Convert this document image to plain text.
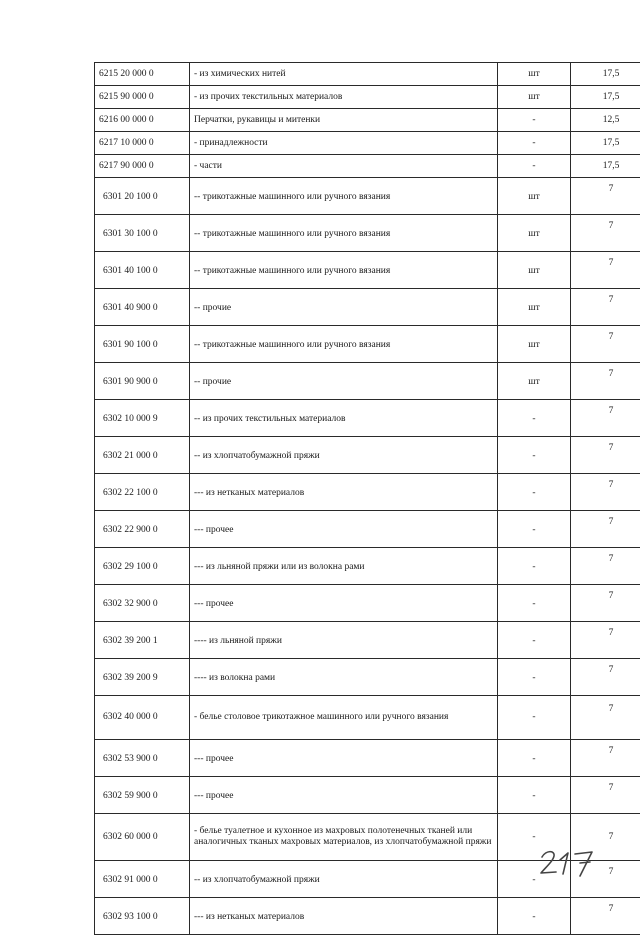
6215 20 000 0	- из химических нитей	шт	17,5
6215 90 000 0	- из прочих текстильных материалов	шт	17,5
6216 00 000 0	Перчатки, рукавицы и митенки	-	12,5
6217 10 000 0	- принадлежности	-	17,5
6217 90 000 0	- части	-	17,5
6301 20 100 0	-- трикотажные машинного или ручного вязания	шт	7
6301 30 100 0	-- трикотажные машинного или ручного вязания	шт	7
6301 40 100 0	-- трикотажные машинного или ручного вязания	шт	7
6301 40 900 0	-- прочие	шт	7
6301 90 100 0	-- трикотажные машинного или ручного вязания	шт	7
6301 90 900 0	-- прочие	шт	7
6302 10 000 9	-- из прочих текстильных материалов	-	7
6302 21 000 0	-- из хлопчатобумажной пряжи	-	7
6302 22 100 0	--- из нетканых материалов	-	7
6302 22 900 0	--- прочее	-	7
6302 29 100 0	--- из льняной пряжи или из волокна рами	-	7
6302 32 900 0	--- прочее	-	7
6302 39 200 1	---- из льняной пряжи	-	7
6302 39 200 9	---- из волокна рами	-	7
6302 40 000 0	- белье столовое трикотажное машинного или ручного вязания	-	7
6302 53 900 0	--- прочее	-	7
6302 59 900 0	--- прочее	-	7
6302 60 000 0	- белье туалетное и кухонное из махровых полотенечных тканей или аналогичных тканых махровых материалов, из хлопчатобумажной пряжи	-	7
6302 91 000 0	-- из хлопчатобумажной пряжи	-	7
6302 93 100 0	--- из нетканых материалов	-	7
